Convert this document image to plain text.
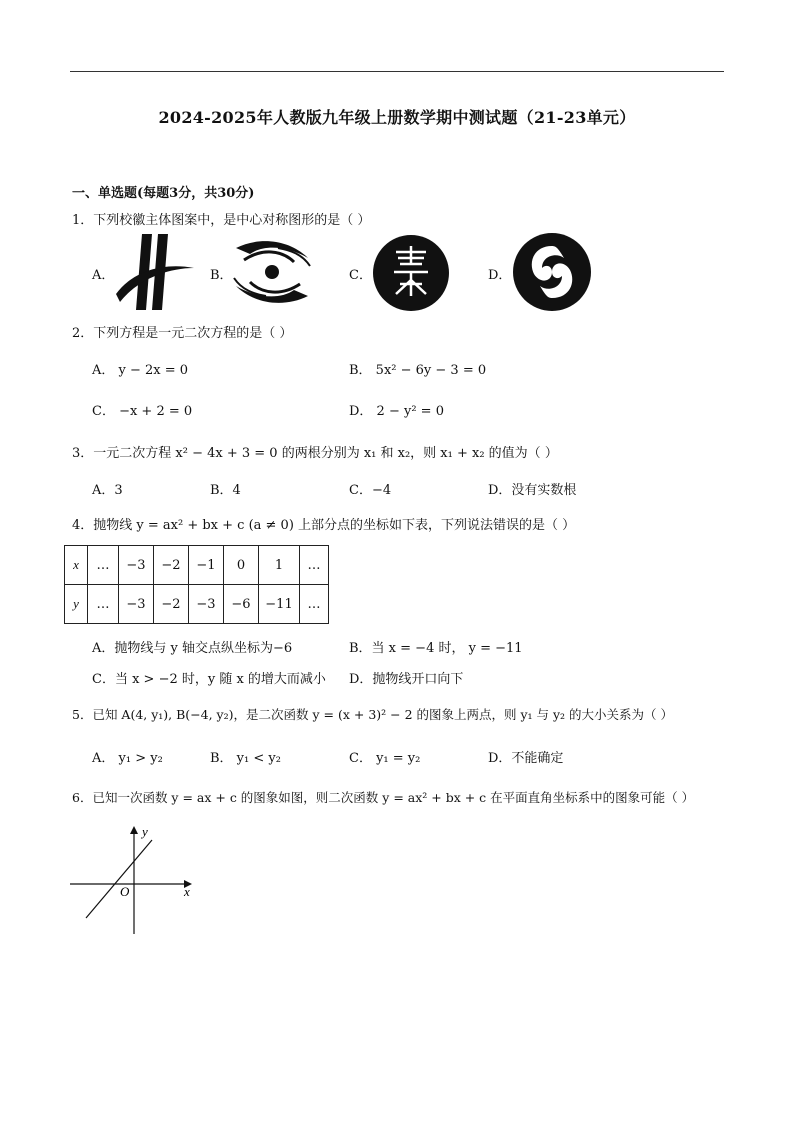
2024-2025年人教版九年级上册数学期中测试题（21-23单元）
一、单选题(每题3分，共30分)
1．下列校徽主体图案中，是中心对称图形的是（ ）
A．	B．	C．	D．
2．下列方程是一元二次方程的是（ ）
A． y − 2x = 0	B． 5x² − 6y − 3 = 0
C． −x + 2 = 0	D． 2 − y² = 0
3．一元二次方程 x² − 4x + 3 = 0 的两根分别为 x₁ 和 x₂，则 x₁ + x₂ 的值为（ ）
A．3	B．4	C．−4	D．没有实数根
4．抛物线 y = ax² + bx + c (a ≠ 0) 上部分点的坐标如下表，下列说法错误的是（ ）
x	…	−3	−2	−1	0	1	…
y	…	−3	−2	−3	−6	−11	…
A．抛物线与 y 轴交点纵坐标为−6	B．当 x = −4 时， y = −11
C．当 x > −2 时，y 随 x 的增大而减小 D．抛物线开口向下
5．已知 A(4, y₁), B(−4, y₂)，是二次函数 y = (x + 3)² − 2 的图象上两点，则 y₁ 与 y₂ 的大小关系为（ ）
A． y₁ > y₂	B． y₁ < y₂	C． y₁ = y₂	D．不能确定
6．已知一次函数 y = ax + c 的图象如图，则二次函数 y = ax² + bx + c 在平面直角坐标系中的图象可能（ ）
y
x
O
